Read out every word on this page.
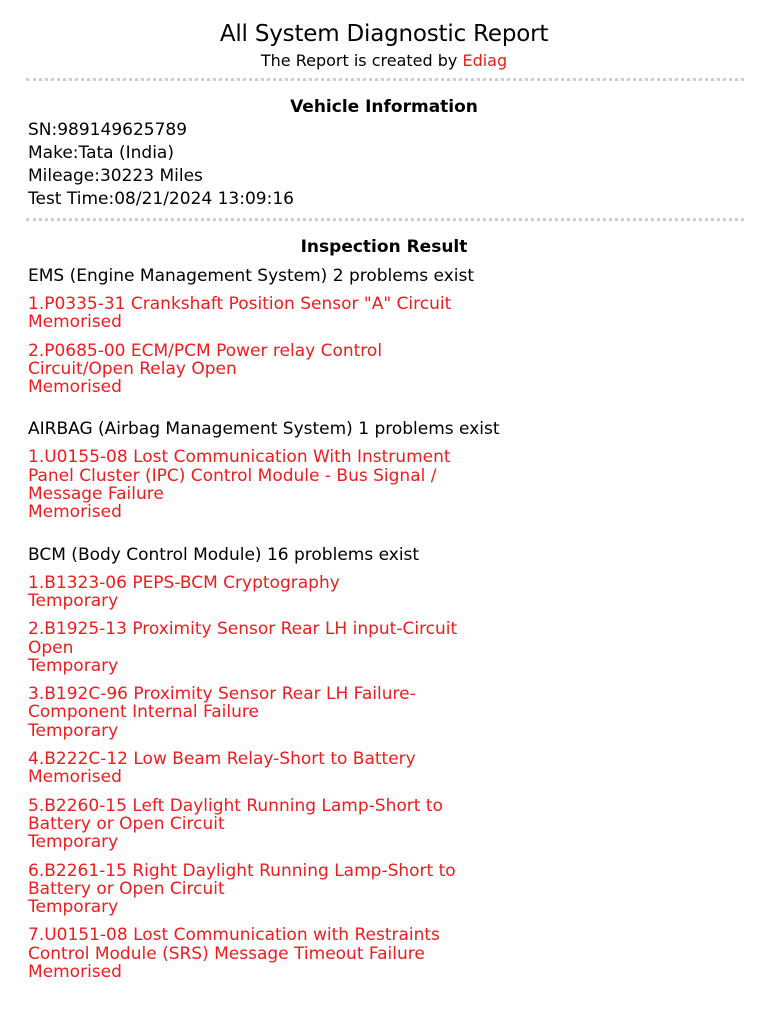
All System Diagnostic Report
The Report is created by Ediag
Vehicle Information
SN:989149625789
Make:Tata (India)
Mileage:30223 Miles
Test Time:08/21/2024 13:09:16
Inspection Result
EMS (Engine Management System) 2 problems exist
1.P0335-31 Crankshaft Position Sensor "A" Circuit
Memorised
2.P0685-00 ECM/PCM Power relay Control Circuit/Open Relay Open
Memorised
AIRBAG (Airbag Management System) 1 problems exist
1.U0155-08 Lost Communication With Instrument Panel Cluster (IPC) Control Module - Bus Signal / Message Failure
Memorised
BCM (Body Control Module) 16 problems exist
1.B1323-06 PEPS-BCM Cryptography
Temporary
2.B1925-13 Proximity Sensor Rear LH input-Circuit Open
Temporary
3.B192C-96 Proximity Sensor Rear LH Failure-Component Internal Failure
Temporary
4.B222C-12 Low Beam Relay-Short to Battery
Memorised
5.B2260-15 Left Daylight Running Lamp-Short to Battery or Open Circuit
Temporary
6.B2261-15 Right Daylight Running Lamp-Short to Battery or Open Circuit
Temporary
7.U0151-08 Lost Communication with Restraints Control Module (SRS) Message Timeout Failure
Memorised
